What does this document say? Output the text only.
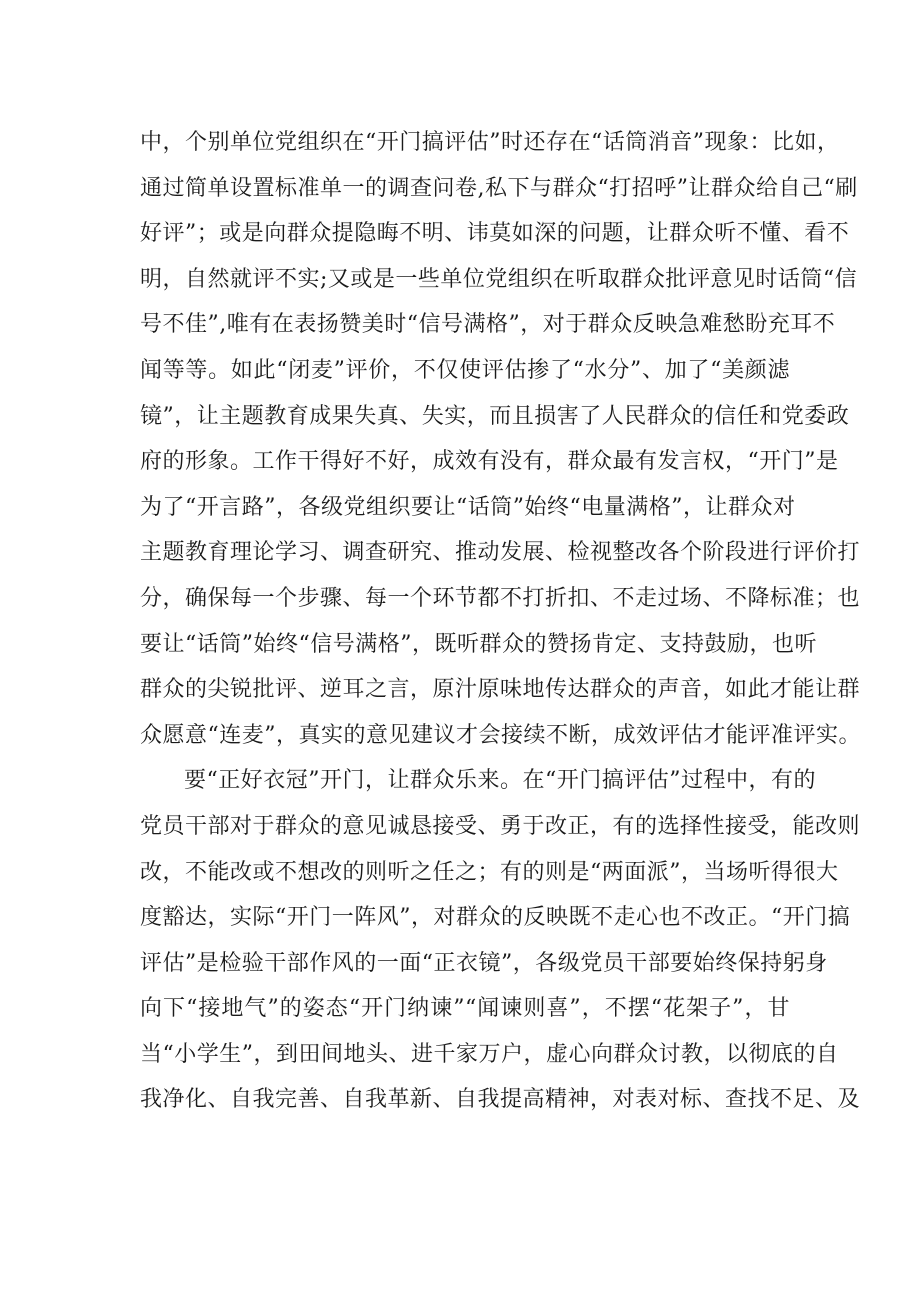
中，个别单位党组织在“开门搞评估”时还存在“话筒消音”现象：比如，
通过简单设置标准单一的调查问卷,私下与群众“打招呼”让群众给自己“刷
好评”；或是向群众提隐晦不明、讳莫如深的问题，让群众听不懂、看不
明，自然就评不实;又或是一些单位党组织在听取群众批评意见时话筒“信
号不佳”,唯有在表扬赞美时“信号满格”，对于群众反映急难愁盼充耳不
闻等等。如此“闭麦”评价，不仅使评估掺了“水分”、加了“美颜滤
镜”，让主题教育成果失真、失实，而且损害了人民群众的信任和党委政
府的形象。工作干得好不好，成效有没有，群众最有发言权，“开门”是
为了“开言路”，各级党组织要让“话筒”始终“电量满格”，让群众对
主题教育理论学习、调查研究、推动发展、检视整改各个阶段进行评价打
分，确保每一个步骤、每一个环节都不打折扣、不走过场、不降标准；也
要让“话筒”始终“信号满格”，既听群众的赞扬肯定、支持鼓励，也听
群众的尖锐批评、逆耳之言，原汁原味地传达群众的声音，如此才能让群
众愿意“连麦”，真实的意见建议才会接续不断，成效评估才能评准评实。
要“正好衣冠”开门，让群众乐来。在“开门搞评估”过程中，有的
党员干部对于群众的意见诚恳接受、勇于改正，有的选择性接受，能改则
改，不能改或不想改的则听之任之；有的则是“两面派”，当场听得很大
度豁达，实际“开门一阵风”，对群众的反映既不走心也不改正。“开门搞
评估”是检验干部作风的一面“正衣镜”，各级党员干部要始终保持躬身
向下“接地气”的姿态“开门纳谏”“闻谏则喜”，不摆“花架子”，甘
当“小学生”，到田间地头、进千家万户，虚心向群众讨教，以彻底的自
我净化、自我完善、自我革新、自我提高精神，对表对标、查找不足、及
